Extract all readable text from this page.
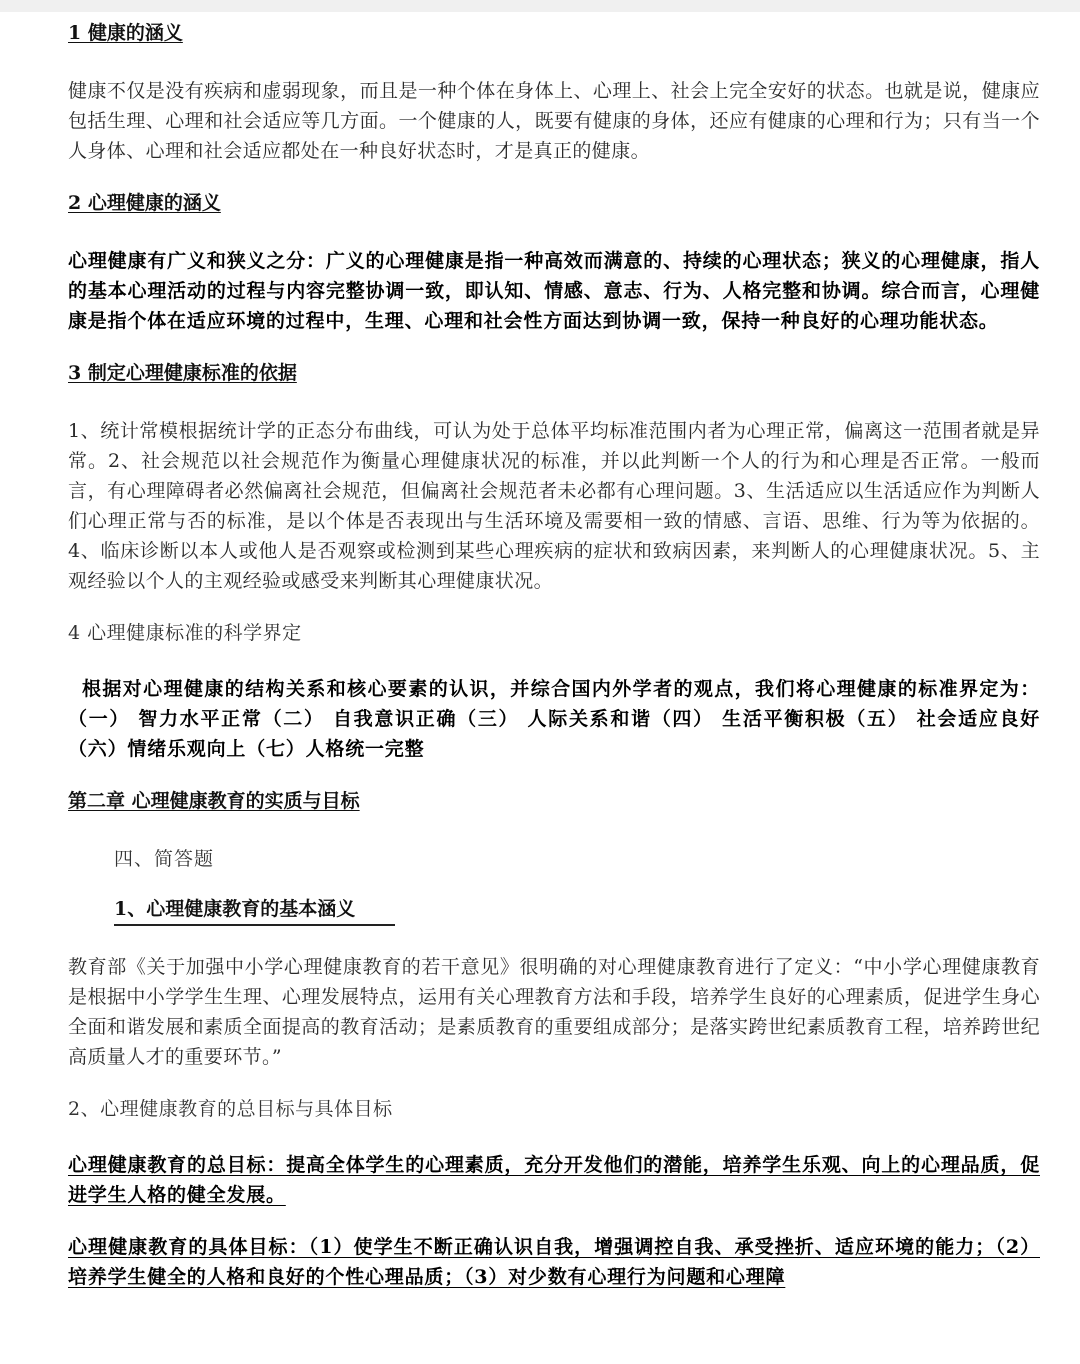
1 健康的涵义
健康不仅是没有疾病和虚弱现象，而且是一种个体在身体上、心理上、社会上完全安好的状态。也就是说，健康应包括生理、心理和社会适应等几方面。一个健康的人，既要有健康的身体，还应有健康的心理和行为；只有当一个人身体、心理和社会适应都处在一种良好状态时，才是真正的健康。
2 心理健康的涵义
心理健康有广义和狭义之分：广义的心理健康是指一种高效而满意的、持续的心理状态；狭义的心理健康，指人的基本心理活动的过程与内容完整协调一致，即认知、情感、意志、行为、人格完整和协调。综合而言，心理健康是指个体在适应环境的过程中，生理、心理和社会性方面达到协调一致，保持一种良好的心理功能状态。
3 制定心理健康标准的依据
1、统计常模根据统计学的正态分布曲线，可认为处于总体平均标准范围内者为心理正常，偏离这一范围者就是异常。2、社会规范以社会规范作为衡量心理健康状况的标准，并以此判断一个人的行为和心理是否正常。一般而言，有心理障碍者必然偏离社会规范，但偏离社会规范者未必都有心理问题。3、生活适应以生活适应作为判断人们心理正常与否的标准，是以个体是否表现出与生活环境及需要相一致的情感、言语、思维、行为等为依据的。4、临床诊断以本人或他人是否观察或检测到某些心理疾病的症状和致病因素，来判断人的心理健康状况。5、主观经验以个人的主观经验或感受来判断其心理健康状况。
4 心理健康标准的科学界定
根据对心理健康的结构关系和核心要素的认识，并综合国内外学者的观点，我们将心理健康的标准界定为：（一） 智力水平正常（二） 自我意识正确（三） 人际关系和谐（四） 生活平衡积极（五） 社会适应良好（六）情绪乐观向上（七）人格统一完整
第二章 心理健康教育的实质与目标
四、简答题
1、心理健康教育的基本涵义
教育部《关于加强中小学心理健康教育的若干意见》很明确的对心理健康教育进行了定义：“中小学心理健康教育是根据中小学学生生理、心理发展特点，运用有关心理教育方法和手段，培养学生良好的心理素质，促进学生身心全面和谐发展和素质全面提高的教育活动；是素质教育的重要组成部分；是落实跨世纪素质教育工程，培养跨世纪高质量人才的重要环节。”
2、心理健康教育的总目标与具体目标
心理健康教育的总目标：提高全体学生的心理素质，充分开发他们的潜能，培养学生乐观、向上的心理品质，促进学生人格的健全发展。
心理健康教育的具体目标：（1）使学生不断正确认识自我，增强调控自我、承受挫折、适应环境的能力；（2）培养学生健全的人格和良好的个性心理品质；（3）对少数有心理行为问题和心理障
